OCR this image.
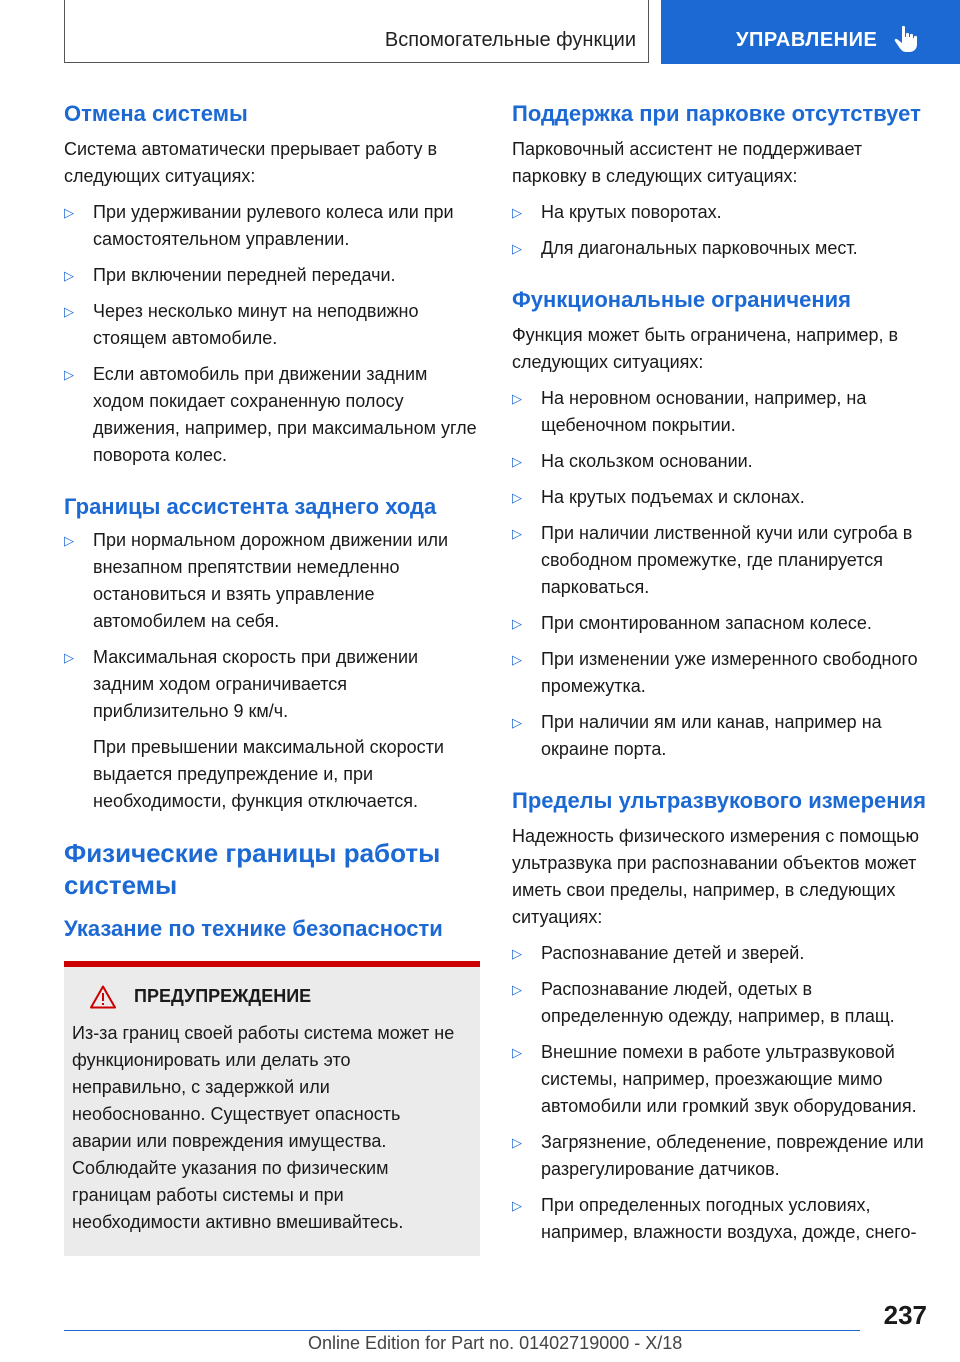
Вспомогательные функции	УПРАВЛЕНИЕ
Отмена системы

Система автоматически прерывает работу в следующих ситуациях:

▷ При удерживании рулевого колеса или при самостоятельном управлении.
▷ При включении передней передачи.
▷ Через несколько минут на неподвижно стоящем автомобиле.
▷ Если автомобиль при движении задним ходом покидает сохраненную полосу движения, например, при максимальном угле поворота колес.
Границы ассистента заднего хода
▷ При нормальном дорожном движении или внезапном препятствии немедленно остановиться и взять управление автомобилем на себя.
▷ Максимальная скорость при движении задним ходом ограничивается приблизительно 9 км/ч.
При превышении максимальной скорости выдается предупреждение и, при необходимости, функция отключается.
Физические границы работы системы
Указание по технике безопасности
ПРЕДУПРЕЖДЕНИЕ

Из-за границ своей работы система может не функционировать или делать это неправильно, с задержкой или необоснованно. Существует опасность аварии или повреждения имущества. Соблюдайте указания по физическим границам работы системы и при необходимости активно вмешивайтесь.

Поддержка при парковке отсутствует

Парковочный ассистент не поддерживает парковку в следующих ситуациях:

▷ На крутых поворотах.
▷ Для диагональных парковочных мест.
Функциональные ограничения

Функция может быть ограничена, например, в следующих ситуациях:

▷ На неровном основании, например, на щебеночном покрытии.
▷ На скользком основании.
▷ На крутых подъемах и склонах.
▷ При наличии лиственной кучи или сугроба в свободном промежутке, где планируется парковаться.
▷ При смонтированном запасном колесе.
▷ При изменении уже измеренного свободного промежутка.
▷ При наличии ям или канав, например на окраине порта.
Пределы ультразвукового измерения

Надежность физического измерения с помощью ультразвука при распознавании объектов может иметь свои пределы, например, в следующих ситуациях:

▷ Распознавание детей и зверей.
▷ Распознавание людей, одетых в определенную одежду, например, в плащ.
▷ Внешние помехи в работе ультразвуковой системы, например, проезжающие мимо автомобили или громкий звук оборудования.
▷ Загрязнение, обледенение, повреждение или разрегулирование датчиков.
▷ При определенных погодных условиях, например, влажности воздуха, дожде, снего-
237
Online Edition for Part no. 01402719000 - X/18
